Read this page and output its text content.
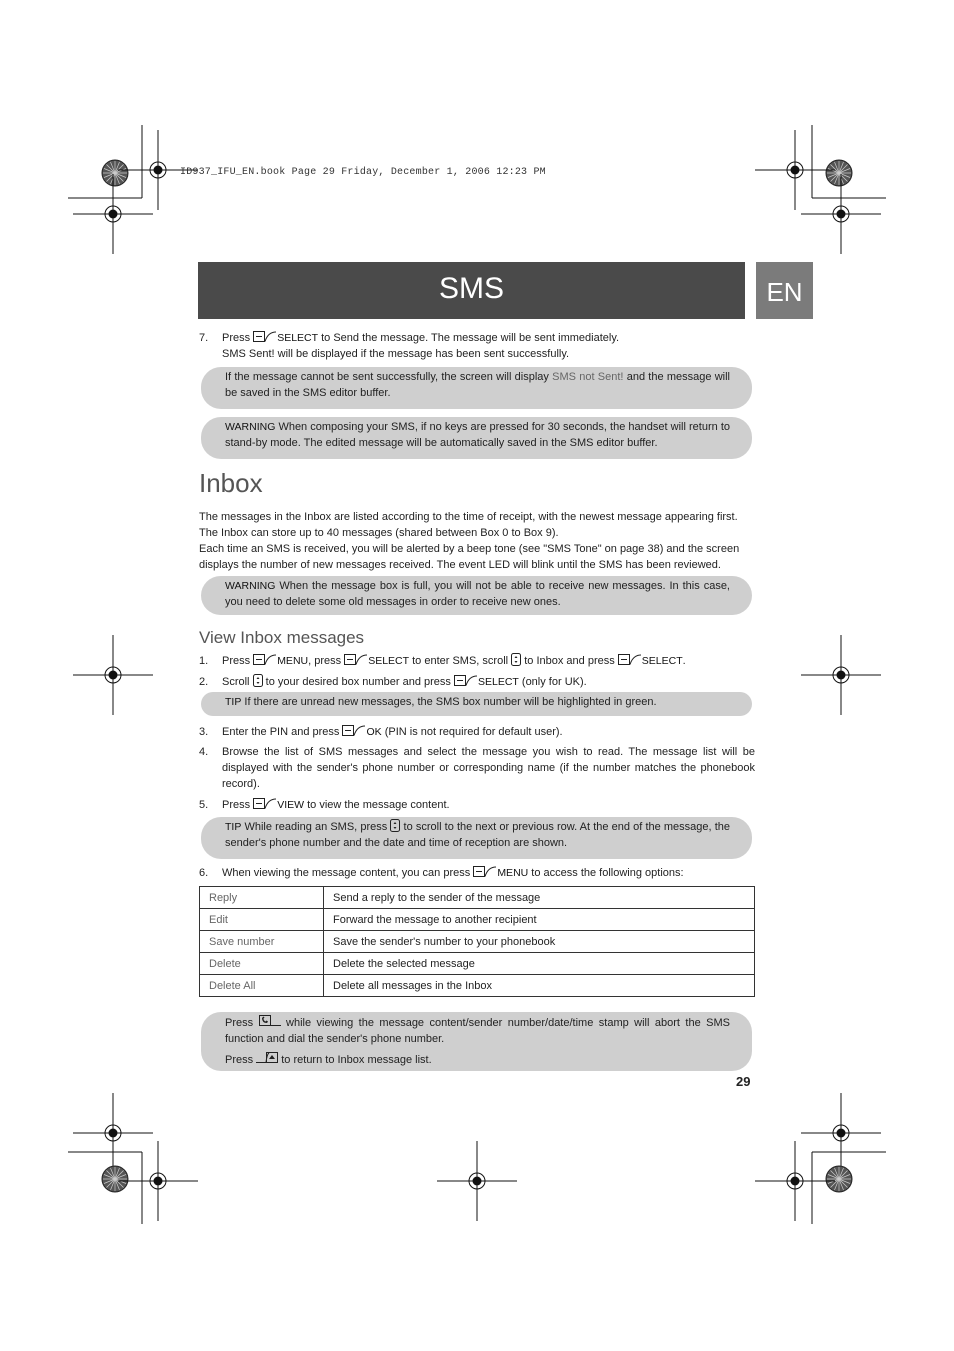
ID937_IFU_EN.book Page 29 Friday, December 1, 2006 12:23 PM
SMS	EN
7. Press	SELECT to Send the message. The message will be sent immediately.
SMS Sent! will be displayed if the message has been sent successfully.
If the message cannot be sent successfully, the screen will display SMS not Sent! and the message will be saved in the SMS editor buffer.
WARNING When composing your SMS, if no keys are pressed for 30 seconds, the handset will return to stand-by mode. The edited message will be automatically saved in the SMS editor buffer.
Inbox
The messages in the Inbox are listed according to the time of receipt, with the newest message appearing first. The Inbox can store up to 40 messages (shared between Box 0 to Box 9).
Each time an SMS is received, you will be alerted by a beep tone (see "SMS Tone" on page 38) and the screen displays the number of new messages received. The event LED will blink until the SMS has been reviewed.
WARNING When the message box is full, you will not be able to receive new messages. In this case, you need to delete some old messages in order to receive new ones.
View Inbox messages
1. Press	MENU, press	SELECT to enter SMS, scroll to Inbox and press	SELECT.
2. Scroll to your desired box number and press	SELECT (only for UK).
TIP If there are unread new messages, the SMS box number will be highlighted in green.
3. Enter the PIN and press	OK (PIN is not required for default user).
4. Browse the list of SMS messages and select the message you wish to read. The message list will be displayed with the sender's phone number or corresponding name (if the number matches the phonebook record).
5. Press	VIEW to view the message content.
TIP While reading an SMS, press to scroll to the next or previous row. At the end of the message, the sender's phone number and the date and time of reception are shown.
6. When viewing the message content, you can press	MENU to access the following options:
Reply	Send a reply to the sender of the message
Edit	Forward the message to another recipient
Save number	Save the sender's number to your phonebook
Delete	Delete the selected message
Delete All	Delete all messages in the Inbox
Press	while viewing the message content/sender number/date/time stamp will abort the SMS function and dial the sender's phone number.
Press	to return to Inbox message list.
29
